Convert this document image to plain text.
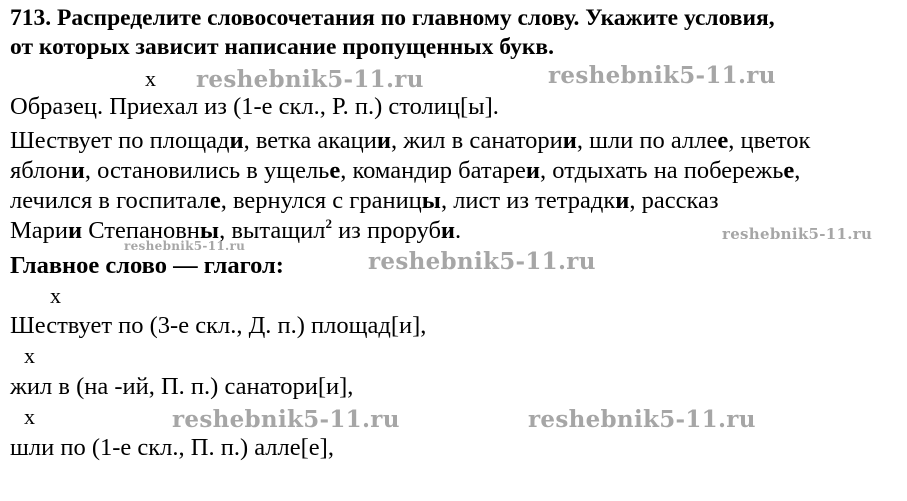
713. Распределите словосочетания по главному слову. Укажите условия,
от которых зависит написание пропущенных букв.
x reshebnik5-11.ru	reshebnik5-11.ru
Образец. Приехал из (1-е скл., Р. п.) столиц[ы].
Шествует по площади, ветка акации, жил в санатории, шли по аллее, цветок
яблони, остановились в ущелье, командир батареи, отдыхать на побережье,
лечился в госпитале, вернулся с границы, лист из тетрадки, рассказ
Марии Степановны, вытащил$^2$ из проруби.
reshebnik5-11.ru
reshebnik5-11.ru
Главное слово — глагол:	reshebnik5-11.ru
x
Шествует по (3-е скл., Д. п.) площад[и],
x
жил в (на -ий, П. п.) санатори[и],
x	reshebnik5-11.ru	reshebnik5-11.ru
шли по (1-е скл., П. п.) алле[е],
